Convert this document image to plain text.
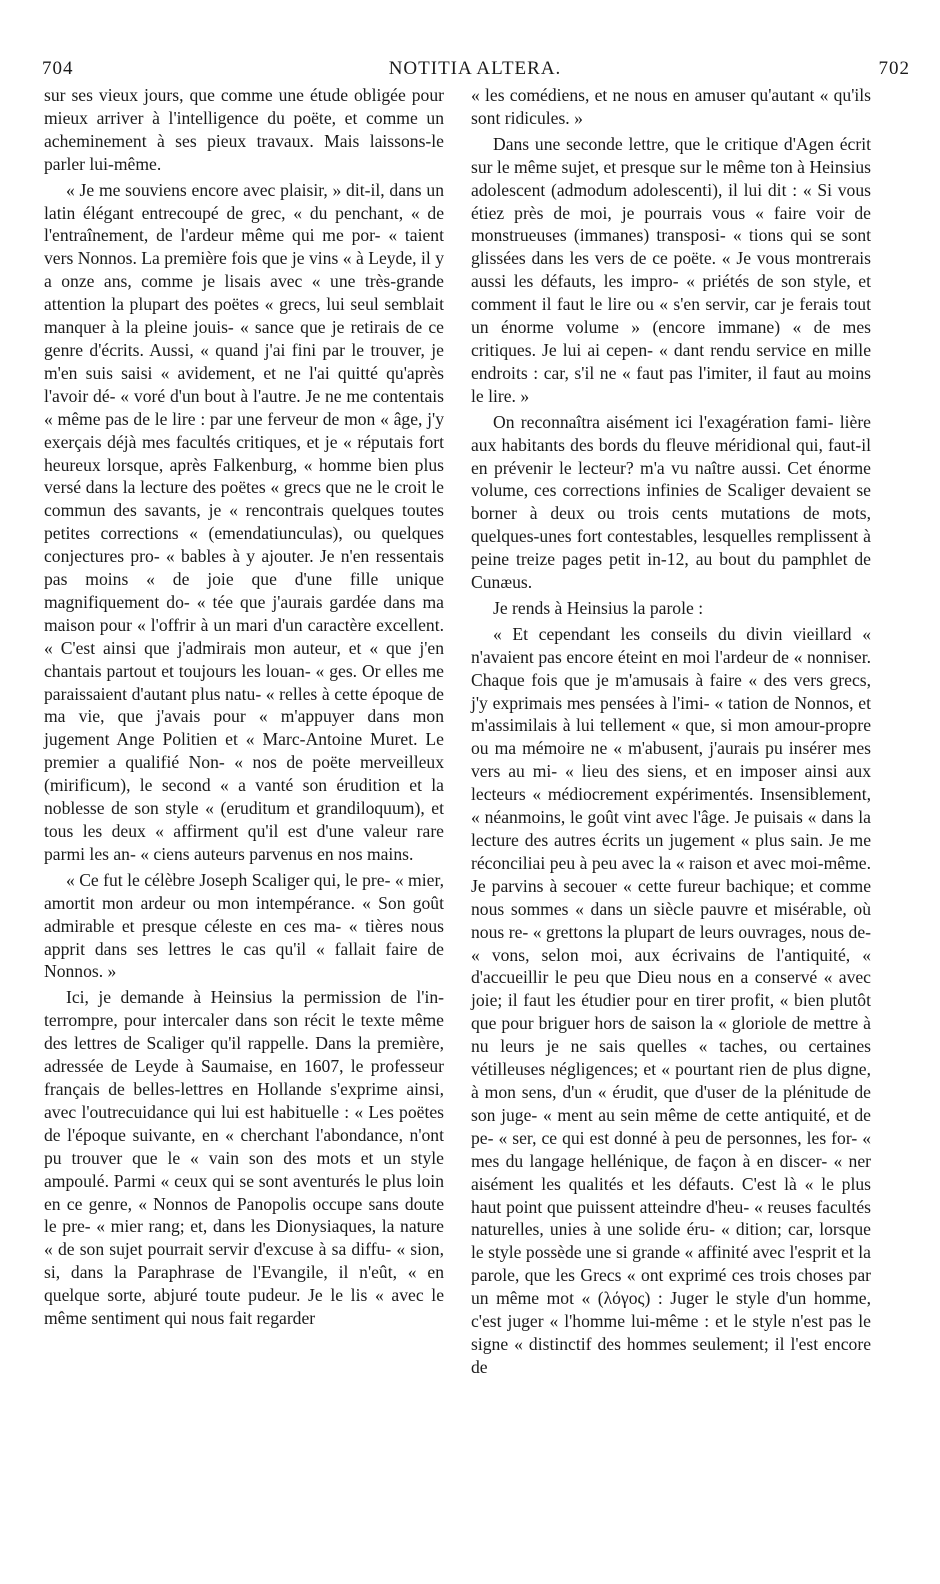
704	NOTITIA ALTERA.	702

sur ses vieux jours, que comme une étude obligée pour mieux arriver à l'intelligence du poëte, et comme un acheminement à ses pieux travaux. Mais laissons-le parler lui-même.

« Je me souviens encore avec plaisir, » dit-il, dans un latin élégant entrecoupé de grec, « du penchant, « de l'entraînement, de l'ardeur même qui me por- « taient vers Nonnos. La première fois que je vins « à Leyde, il y a onze ans, comme je lisais avec « une très-grande attention la plupart des poëtes « grecs, lui seul semblait manquer à la pleine jouis- « sance que je retirais de ce genre d'écrits. Aussi, « quand j'ai fini par le trouver, je m'en suis saisi « avidement, et ne l'ai quitté qu'après l'avoir dé- « voré d'un bout à l'autre. Je ne me contentais « même pas de le lire : par une ferveur de mon « âge, j'y exerçais déjà mes facultés critiques, et je « réputais fort heureux lorsque, après Falkenburg, « homme bien plus versé dans la lecture des poëtes « grecs que ne le croit le commun des savants, je « rencontrais quelques toutes petites corrections « (emendatiunculas), ou quelques conjectures pro- « bables à y ajouter. Je n'en ressentais pas moins « de joie que d'une fille unique magnifiquement do- « tée que j'aurais gardée dans ma maison pour « l'offrir à un mari d'un caractère excellent. « C'est ainsi que j'admirais mon auteur, et « que j'en chantais partout et toujours les louan- « ges. Or elles me paraissaient d'autant plus natu- « relles à cette époque de ma vie, que j'avais pour « m'appuyer dans mon jugement Ange Politien et « Marc-Antoine Muret. Le premier a qualifié Non- « nos de poëte merveilleux (mirificum), le second « a vanté son érudition et la noblesse de son style « (eruditum et grandiloquum), et tous les deux « affirment qu'il est d'une valeur rare parmi les an- « ciens auteurs parvenus en nos mains.

« Ce fut le célèbre Joseph Scaliger qui, le pre- « mier, amortit mon ardeur ou mon intempérance. « Son goût admirable et presque céleste en ces ma- « tières nous apprit dans ses lettres le cas qu'il « fallait faire de Nonnos. »

Ici, je demande à Heinsius la permission de l'in- terrompre, pour intercaler dans son récit le texte même des lettres de Scaliger qu'il rappelle. Dans la première, adressée de Leyde à Saumaise, en 1607, le professeur français de belles-lettres en Hollande s'exprime ainsi, avec l'outrecuidance qui lui est habituelle : « Les poëtes de l'époque suivante, en « cherchant l'abondance, n'ont pu trouver que le « vain son des mots et un style ampoulé. Parmi « ceux qui se sont aventurés le plus loin en ce genre, « Nonnos de Panopolis occupe sans doute le pre- « mier rang; et, dans les Dionysiaques, la nature « de son sujet pourrait servir d'excuse à sa diffu- « sion, si, dans la Paraphrase de l'Evangile, il n'eût, « en quelque sorte, abjuré toute pudeur. Je le lis « avec le même sentiment qui nous fait regarder

« les comédiens, et ne nous en amuser qu'autant « qu'ils sont ridicules. »

Dans une seconde lettre, que le critique d'Agen écrit sur le même sujet, et presque sur le même ton à Heinsius adolescent (admodum adolescenti), il lui dit : « Si vous étiez près de moi, je pourrais vous « faire voir de monstrueuses (immanes) transposi- « tions qui se sont glissées dans les vers de ce poëte. « Je vous montrerais aussi les défauts, les impro- « priétés de son style, et comment il faut le lire ou « s'en servir, car je ferais tout un énorme volume » (encore immane) « de mes critiques. Je lui ai cepen- « dant rendu service en mille endroits : car, s'il ne « faut pas l'imiter, il faut au moins le lire. »

On reconnaîtra aisément ici l'exagération fami- lière aux habitants des bords du fleuve méridional qui, faut-il en prévenir le lecteur? m'a vu naître aussi. Cet énorme volume, ces corrections infinies de Scaliger devaient se borner à deux ou trois cents mutations de mots, quelques-unes fort contestables, lesquelles remplissent à peine treize pages petit in-12, au bout du pamphlet de Cunæus.

Je rends à Heinsius la parole :

« Et cependant les conseils du divin vieillard « n'avaient pas encore éteint en moi l'ardeur de « nonniser. Chaque fois que je m'amusais à faire « des vers grecs, j'y exprimais mes pensées à l'imi- « tation de Nonnos, et m'assimilais à lui tellement « que, si mon amour-propre ou ma mémoire ne « m'abusent, j'aurais pu insérer mes vers au mi- « lieu des siens, et en imposer ainsi aux lecteurs « médiocrement expérimentés. Insensiblement, « néanmoins, le goût vint avec l'âge. Je puisais « dans la lecture des autres écrits un jugement « plus sain. Je me réconciliai peu à peu avec la « raison et avec moi-même. Je parvins à secouer « cette fureur bachique; et comme nous sommes « dans un siècle pauvre et misérable, où nous re- « grettons la plupart de leurs ouvrages, nous de- « vons, selon moi, aux écrivains de l'antiquité, « d'accueillir le peu que Dieu nous en a conservé « avec joie; il faut les étudier pour en tirer profit, « bien plutôt que pour briguer hors de saison la « gloriole de mettre à nu leurs je ne sais quelles « taches, ou certaines vétilleuses négligences; et « pourtant rien de plus digne, à mon sens, d'un « érudit, que d'user de la plénitude de son juge- « ment au sein même de cette antiquité, et de pe- « ser, ce qui est donné à peu de personnes, les for- « mes du langage hellénique, de façon à en discer- « ner aisément les qualités et les défauts. C'est là « le plus haut point que puissent atteindre d'heu- « reuses facultés naturelles, unies à une solide éru- « dition; car, lorsque le style possède une si grande « affinité avec l'esprit et la parole, que les Grecs « ont exprimé ces trois choses par un même mot « (λόγος) : Juger le style d'un homme, c'est juger « l'homme lui-même : et le style n'est pas le signe « distinctif des hommes seulement; il l'est encore de
